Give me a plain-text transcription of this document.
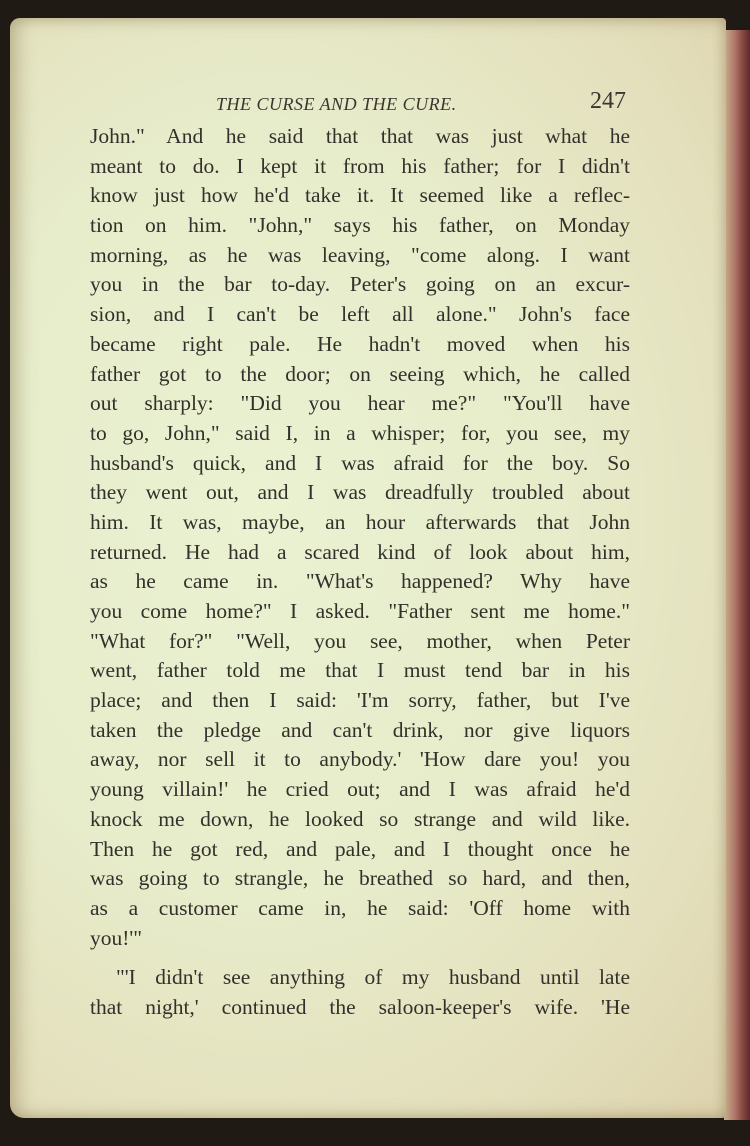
THE CURSE AND THE CURE.	247
John." And he said that that was just what he
meant to do. I kept it from his father; for I didn't
know just how he'd take it. It seemed like a reflec-
tion on him. "John," says his father, on Monday
morning, as he was leaving, "come along. I want
you in the bar to-day. Peter's going on an excur-
sion, and I can't be left all alone." John's face
became right pale. He hadn't moved when his
father got to the door; on seeing which, he called
out sharply: "Did you hear me?" "You'll have
to go, John," said I, in a whisper; for, you see, my
husband's quick, and I was afraid for the boy. So
they went out, and I was dreadfully troubled about
him. It was, maybe, an hour afterwards that John
returned. He had a scared kind of look about him,
as he came in. "What's happened? Why have
you come home?" I asked. "Father sent me home."
"What for?" "Well, you see, mother, when Peter
went, father told me that I must tend bar in his
place; and then I said: 'I'm sorry, father, but I've
taken the pledge and can't drink, nor give liquors
away, nor sell it to anybody.' 'How dare you! you
young villain!' he cried out; and I was afraid he'd
knock me down, he looked so strange and wild like.
Then he got red, and pale, and I thought once he
was going to strangle, he breathed so hard, and then,
as a customer came in, he said: 'Off home with
you!'"
"'I didn't see anything of my husband until late
that night,' continued the saloon-keeper's wife. 'He
